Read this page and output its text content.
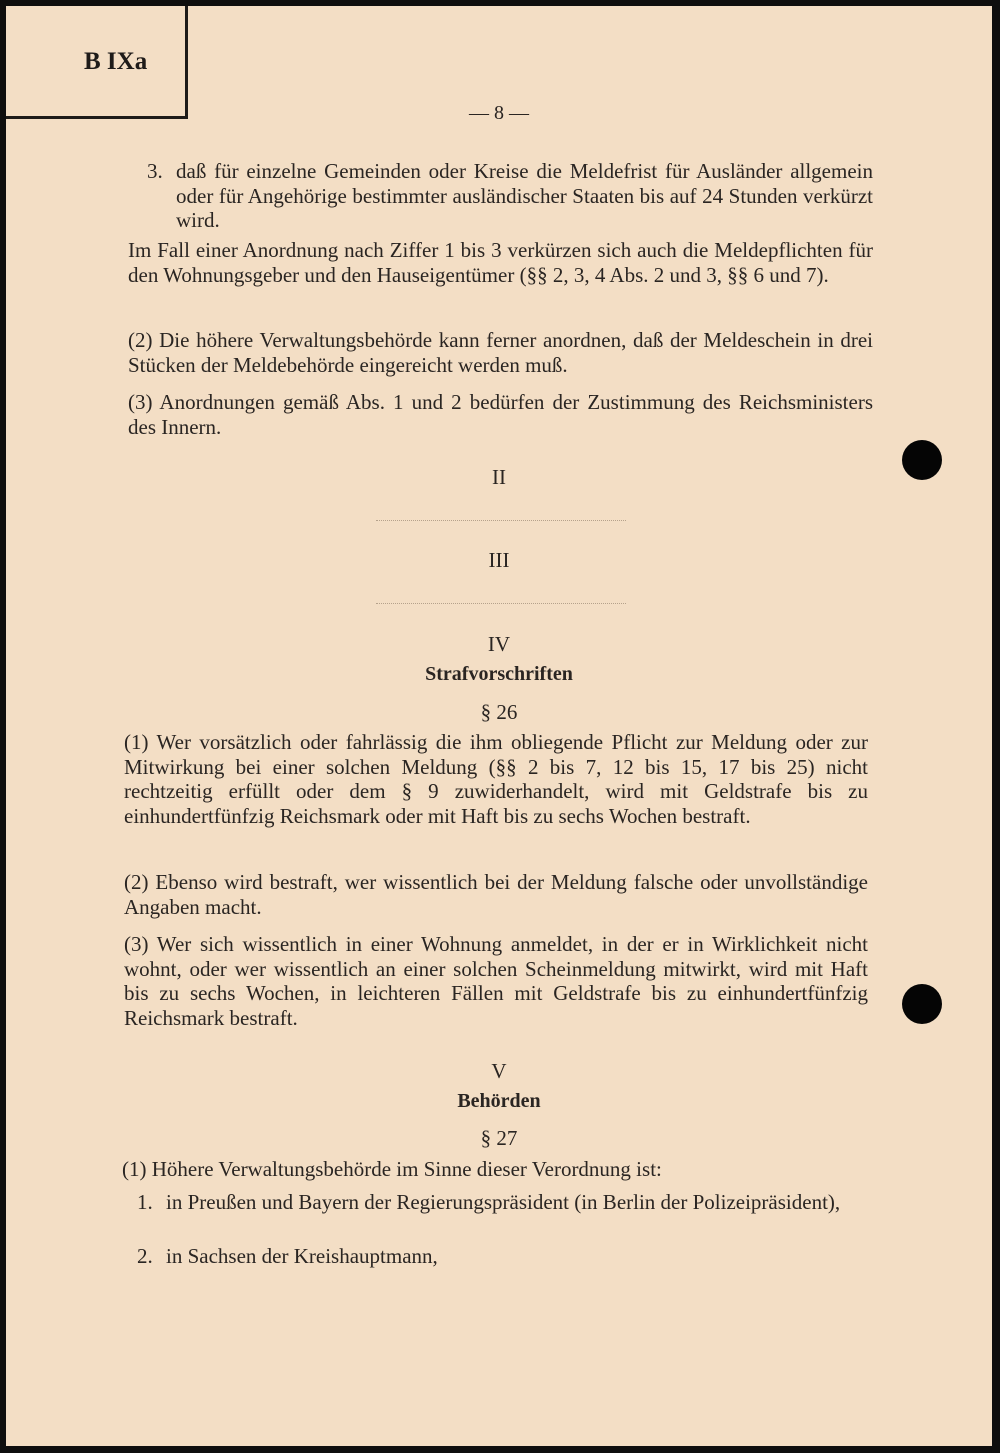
B IXa

— 8 —

3. daß für einzelne Gemeinden oder Kreise die Meldefrist für Ausländer allgemein oder für Angehörige bestimmter ausländischer Staaten bis auf 24 Stunden verkürzt wird.

Im Fall einer Anordnung nach Ziffer 1 bis 3 verkürzen sich auch die Meldepflichten für den Wohnungsgeber und den Hauseigentümer (§§ 2, 3, 4 Abs. 2 und 3, §§ 6 und 7).

(2) Die höhere Verwaltungsbehörde kann ferner anordnen, daß der Meldeschein in drei Stücken der Meldebehörde eingereicht werden muß.

(3) Anordnungen gemäß Abs. 1 und 2 bedürfen der Zustimmung des Reichsministers des Innern.

II

III

IV

Strafvorschriften

§ 26

(1) Wer vorsätzlich oder fahrlässig die ihm obliegende Pflicht zur Meldung oder zur Mitwirkung bei einer solchen Meldung (§§ 2 bis 7, 12 bis 15, 17 bis 25) nicht rechtzeitig erfüllt oder dem § 9 zuwiderhandelt, wird mit Geldstrafe bis zu einhundertfünfzig Reichsmark oder mit Haft bis zu sechs Wochen bestraft.

(2) Ebenso wird bestraft, wer wissentlich bei der Meldung falsche oder unvollständige Angaben macht.

(3) Wer sich wissentlich in einer Wohnung anmeldet, in der er in Wirklichkeit nicht wohnt, oder wer wissentlich an einer solchen Scheinmeldung mitwirkt, wird mit Haft bis zu sechs Wochen, in leichteren Fällen mit Geldstrafe bis zu einhundertfünfzig Reichsmark bestraft.

V

Behörden

§ 27

(1) Höhere Verwaltungsbehörde im Sinne dieser Verordnung ist:

1. in Preußen und Bayern der Regierungspräsident (in Berlin der Polizeipräsident),

2. in Sachsen der Kreishauptmann,
